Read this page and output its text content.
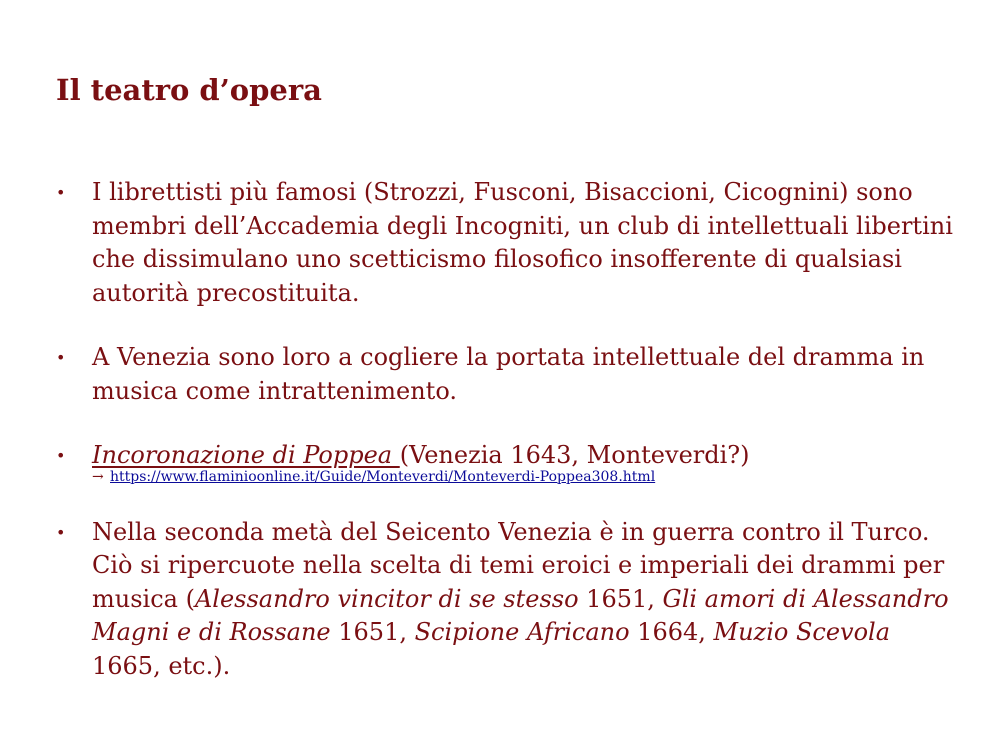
Il teatro d’opera
• I librettisti più famosi (Strozzi, Fusconi, Bisaccioni, Cicognini) sono membri dell’Accademia degli Incogniti, un club di intellettuali libertini che dissimulano uno scetticismo filosofico insofferente di qualsiasi autorità precostituita.
• A Venezia sono loro a cogliere la portata intellettuale del dramma in musica come intrattenimento.
• Incoronazione di Poppea (Venezia 1643, Monteverdi?)
→ https://www.flaminioonline.it/Guide/Monteverdi/Monteverdi-Poppea308.html
• Nella seconda metà del Seicento Venezia è in guerra contro il Turco. Ciò si ripercuote nella scelta di temi eroici e imperiali dei drammi per musica (Alessandro vincitor di se stesso 1651, Gli amori di Alessandro Magni e di Rossane 1651, Scipione Africano 1664, Muzio Scevola 1665, etc.).
